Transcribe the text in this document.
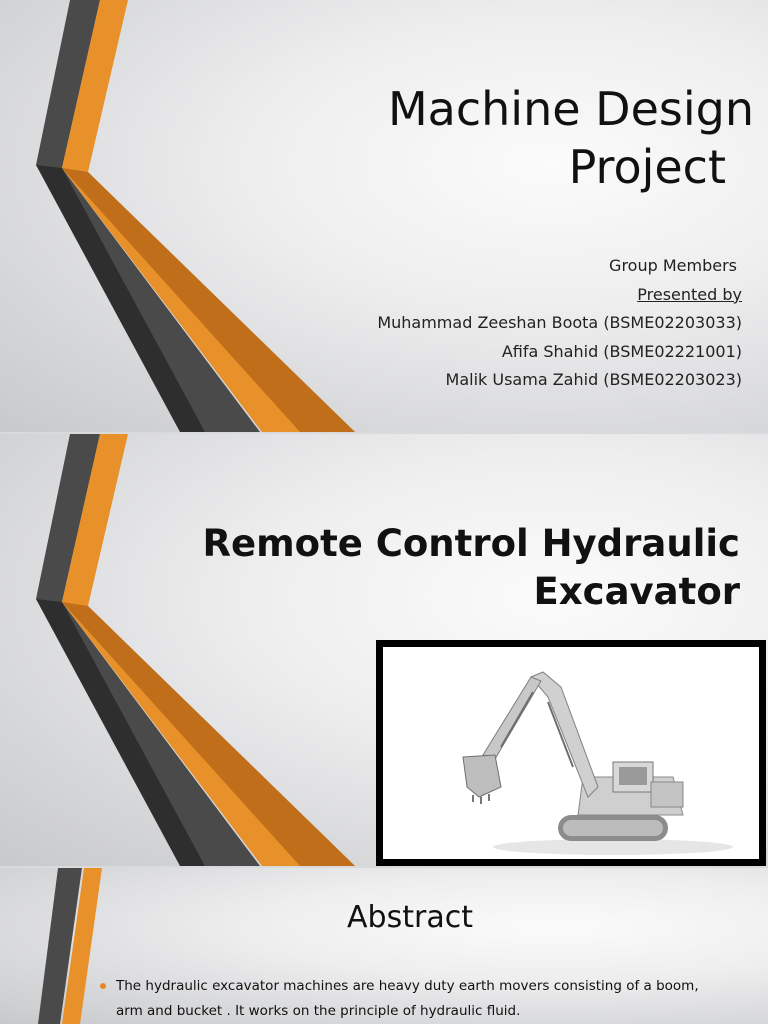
Machine Design
Project
Group Members
Presented by
Muhammad Zeeshan Boota (BSME02203033)
Afifa Shahid (BSME02221001)
Malik Usama Zahid (BSME02203023)
Remote Control Hydraulic
Excavator
Abstract
The hydraulic excavator machines are heavy duty earth movers consisting of a boom, arm and bucket . It works on the principle of hydraulic fluid.
